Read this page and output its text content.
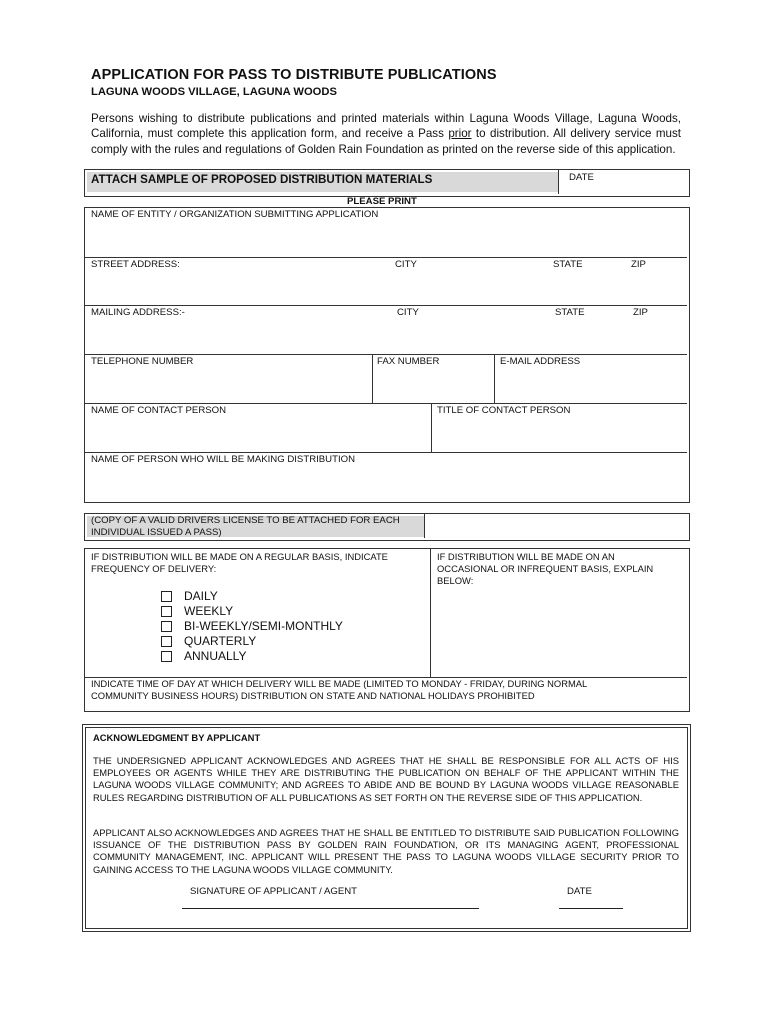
APPLICATION FOR PASS TO DISTRIBUTE PUBLICATIONS
LAGUNA WOODS VILLAGE, LAGUNA WOODS
Persons wishing to distribute publications and printed materials within Laguna Woods Village, Laguna Woods, California, must complete this application form, and receive a Pass prior to distribution. All delivery service must comply with the rules and regulations of Golden Rain Foundation as printed on the reverse side of this application.
ATTACH SAMPLE OF PROPOSED DISTRIBUTION MATERIALS	DATE
PLEASE PRINT
NAME OF ENTITY / ORGANIZATION SUBMITTING APPLICATION
STREET ADDRESS:	CITY	STATE	ZIP
MAILING ADDRESS:-	CITY	STATE	ZIP
TELEPHONE NUMBER	FAX NUMBER	E-MAIL ADDRESS
NAME OF CONTACT PERSON	TITLE OF CONTACT PERSON
NAME OF PERSON WHO WILL BE MAKING DISTRIBUTION
(COPY OF A VALID DRIVERS LICENSE TO BE ATTACHED FOR EACH
INDIVIDUAL ISSUED A PASS)
IF DISTRIBUTION WILL BE MADE ON A REGULAR BASIS, INDICATE
FREQUENCY OF DELIVERY:
DAILY
WEEKLY
BI-WEEKLY/SEMI-MONTHLY
QUARTERLY
ANNUALLY
IF DISTRIBUTION WILL BE MADE ON AN
OCCASIONAL OR INFREQUENT BASIS, EXPLAIN
BELOW:
INDICATE TIME OF DAY AT WHICH DELIVERY WILL BE MADE (LIMITED TO MONDAY - FRIDAY, DURING NORMAL
COMMUNITY BUSINESS HOURS) DISTRIBUTION ON STATE AND NATIONAL HOLIDAYS PROHIBITED
ACKNOWLEDGMENT BY APPLICANT
THE UNDERSIGNED APPLICANT ACKNOWLEDGES AND AGREES THAT HE SHALL BE RESPONSIBLE FOR ALL ACTS OF HIS EMPLOYEES OR AGENTS WHILE THEY ARE DISTRIBUTING THE PUBLICATION ON BEHALF OF THE APPLICANT WITHIN THE LAGUNA WOODS VILLAGE COMMUNITY; AND AGREES TO ABIDE AND BE BOUND BY LAGUNA WOODS VILLAGE REASONABLE RULES REGARDING DISTRIBUTION OF ALL PUBLICATIONS AS SET FORTH ON THE REVERSE SIDE OF THIS APPLICATION.
APPLICANT ALSO ACKNOWLEDGES AND AGREES THAT HE SHALL BE ENTITLED TO DISTRIBUTE SAID PUBLICATION FOLLOWING ISSUANCE OF THE DISTRIBUTION PASS BY GOLDEN RAIN FOUNDATION, OR ITS MANAGING AGENT, PROFESSIONAL COMMUNITY MANAGEMENT, INC. APPLICANT WILL PRESENT THE PASS TO LAGUNA WOODS VILLAGE SECURITY PRIOR TO GAINING ACCESS TO THE LAGUNA WOODS VILLAGE COMMUNITY.
SIGNATURE OF APPLICANT / AGENT	DATE
